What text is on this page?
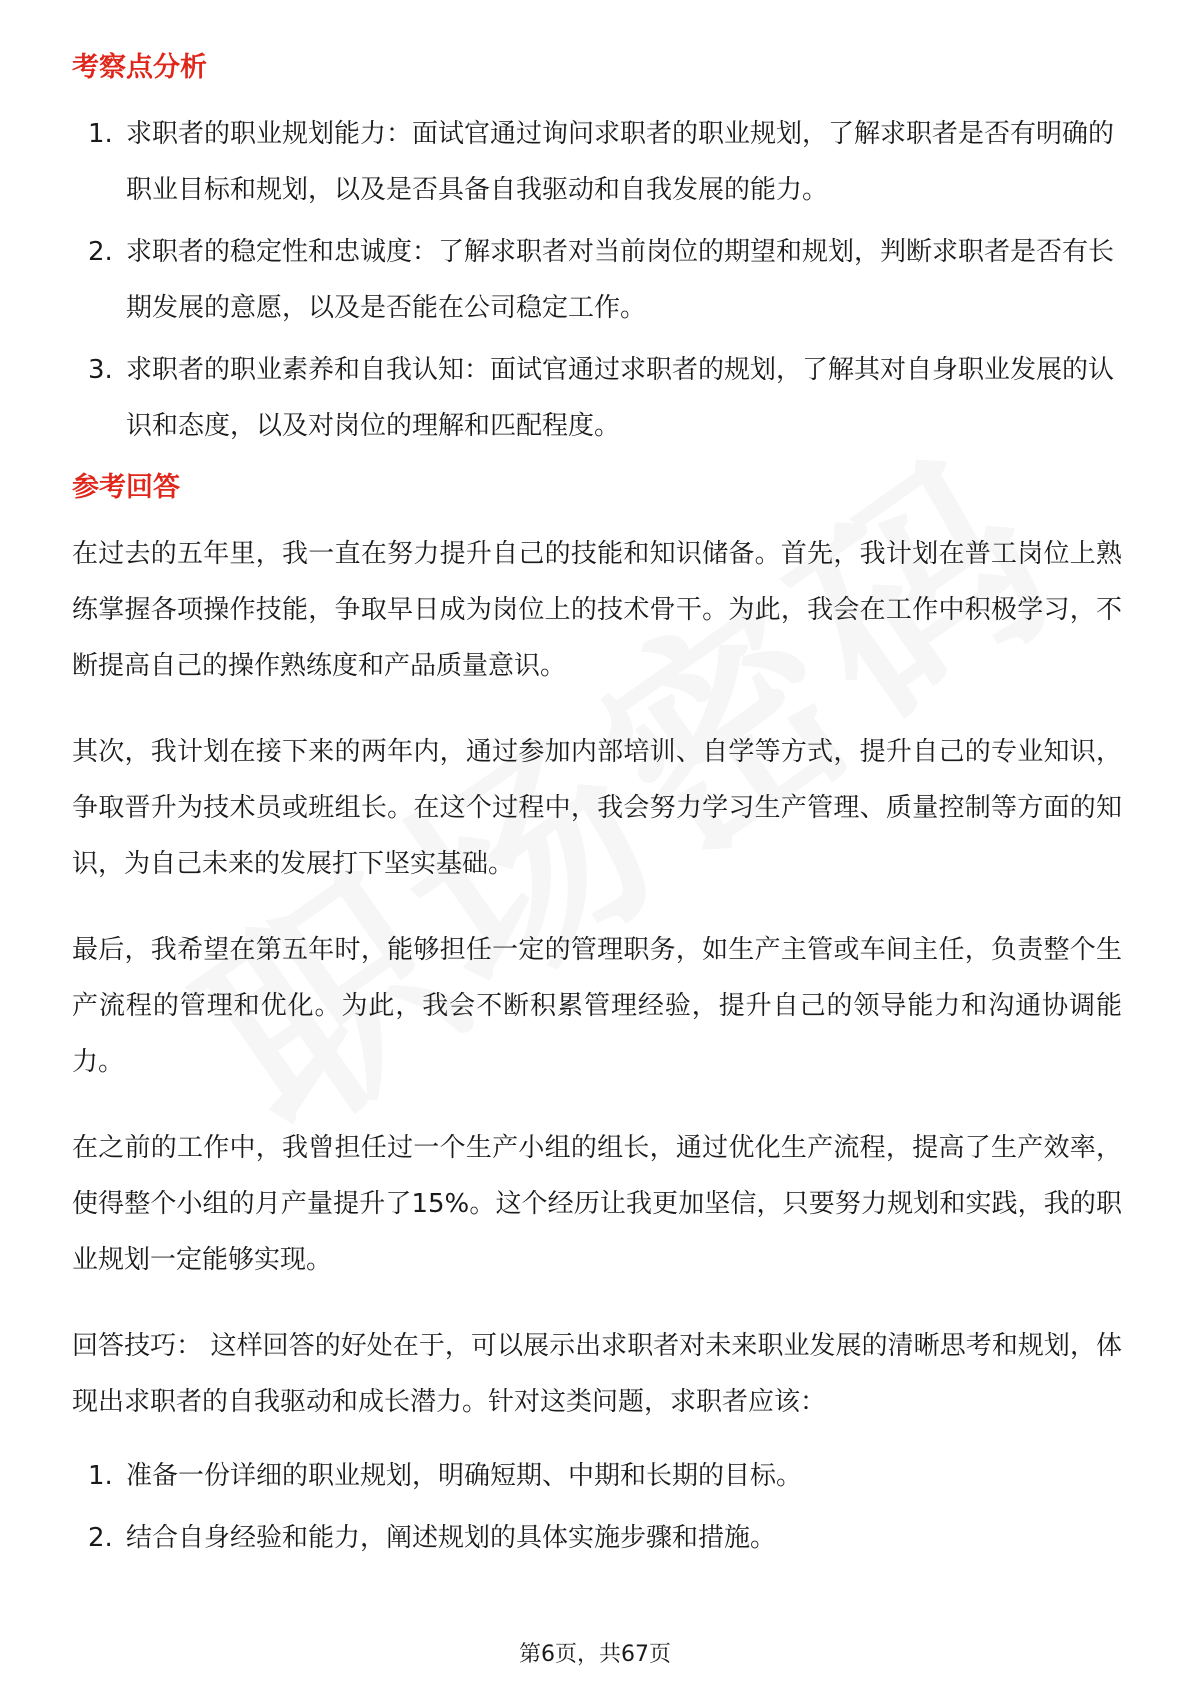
考察点分析
1. 求职者的职业规划能力：面试官通过询问求职者的职业规划，了解求职者是否有明确的职业目标和规划，以及是否具备自我驱动和自我发展的能力。
2. 求职者的稳定性和忠诚度：了解求职者对当前岗位的期望和规划，判断求职者是否有长期发展的意愿，以及是否能在公司稳定工作。
3. 求职者的职业素养和自我认知：面试官通过求职者的规划，了解其对自身职业发展的认识和态度，以及对岗位的理解和匹配程度。
参考回答

在过去的五年里，我一直在努力提升自己的技能和知识储备。首先，我计划在普工岗位上熟练掌握各项操作技能，争取早日成为岗位上的技术骨干。为此，我会在工作中积极学习，不断提高自己的操作熟练度和产品质量意识。

其次，我计划在接下来的两年内，通过参加内部培训、自学等方式，提升自己的专业知识，争取晋升为技术员或班组长。在这个过程中，我会努力学习生产管理、质量控制等方面的知识，为自己未来的发展打下坚实基础。

最后，我希望在第五年时，能够担任一定的管理职务，如生产主管或车间主任，负责整个生产流程的管理和优化。为此，我会不断积累管理经验，提升自己的领导能力和沟通协调能力。

在之前的工作中，我曾担任过一个生产小组的组长，通过优化生产流程，提高了生产效率，使得整个小组的月产量提升了15%。这个经历让我更加坚信，只要努力规划和实践，我的职业规划一定能够实现。

回答技巧： 这样回答的好处在于，可以展示出求职者对未来职业发展的清晰思考和规划，体现出求职者的自我驱动和成长潜力。针对这类问题，求职者应该：

1. 准备一份详细的职业规划，明确短期、中期和长期的目标。
2. 结合自身经验和能力，阐述规划的具体实施步骤和措施。
第6页，共67页
